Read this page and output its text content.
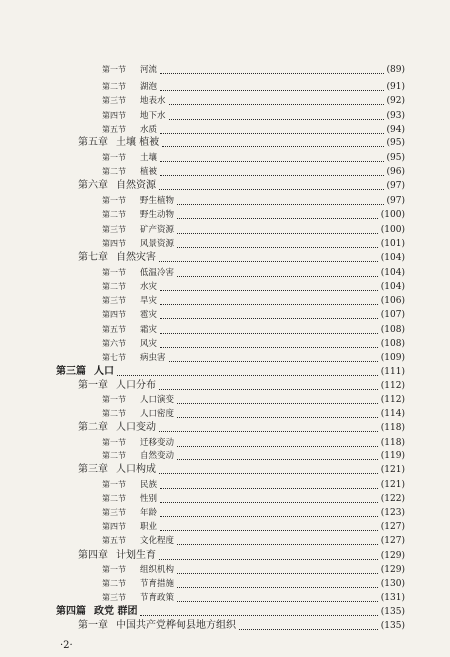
第一节	河流	(89)
第二节	湖泡	(91)
第三节	地表水	(92)
第四节	地下水	(93)
第五节	水质	(94)
第五章 土壤 植被	(95)
第一节	土壤	(95)
第二节	植被	(96)
第六章 自然资源	(97)
第一节	野生植物	(97)
第二节	野生动物	(100)
第三节	矿产资源	(100)
第四节	风景资源	(101)
第七章 自然灾害	(104)
第一节	低温冷害	(104)
第二节	水灾	(104)
第三节	旱灾	(106)
第四节	雹灾	(107)
第五节	霜灾	(108)
第六节	风灾	(108)
第七节	病虫害	(109)
第三篇 人口	(111)
第一章 人口分布	(112)
第一节	人口演变	(112)
第二节	人口密度	(114)
第二章 人口变动	(118)
第一节	迁移变动	(118)
第二节	自然变动	(119)
第三章 人口构成	(121)
第一节	民族	(121)
第二节	性别	(122)
第三节	年龄	(123)
第四节	职业	(127)
第五节	文化程度	(127)
第四章 计划生育	(129)
第一节	组织机构	(129)
第二节	节育措施	(130)
第三节	节育政策	(131)
第四篇 政党 群团	(135)
第一章 中国共产党桦甸县地方组织	(135)
·2·
